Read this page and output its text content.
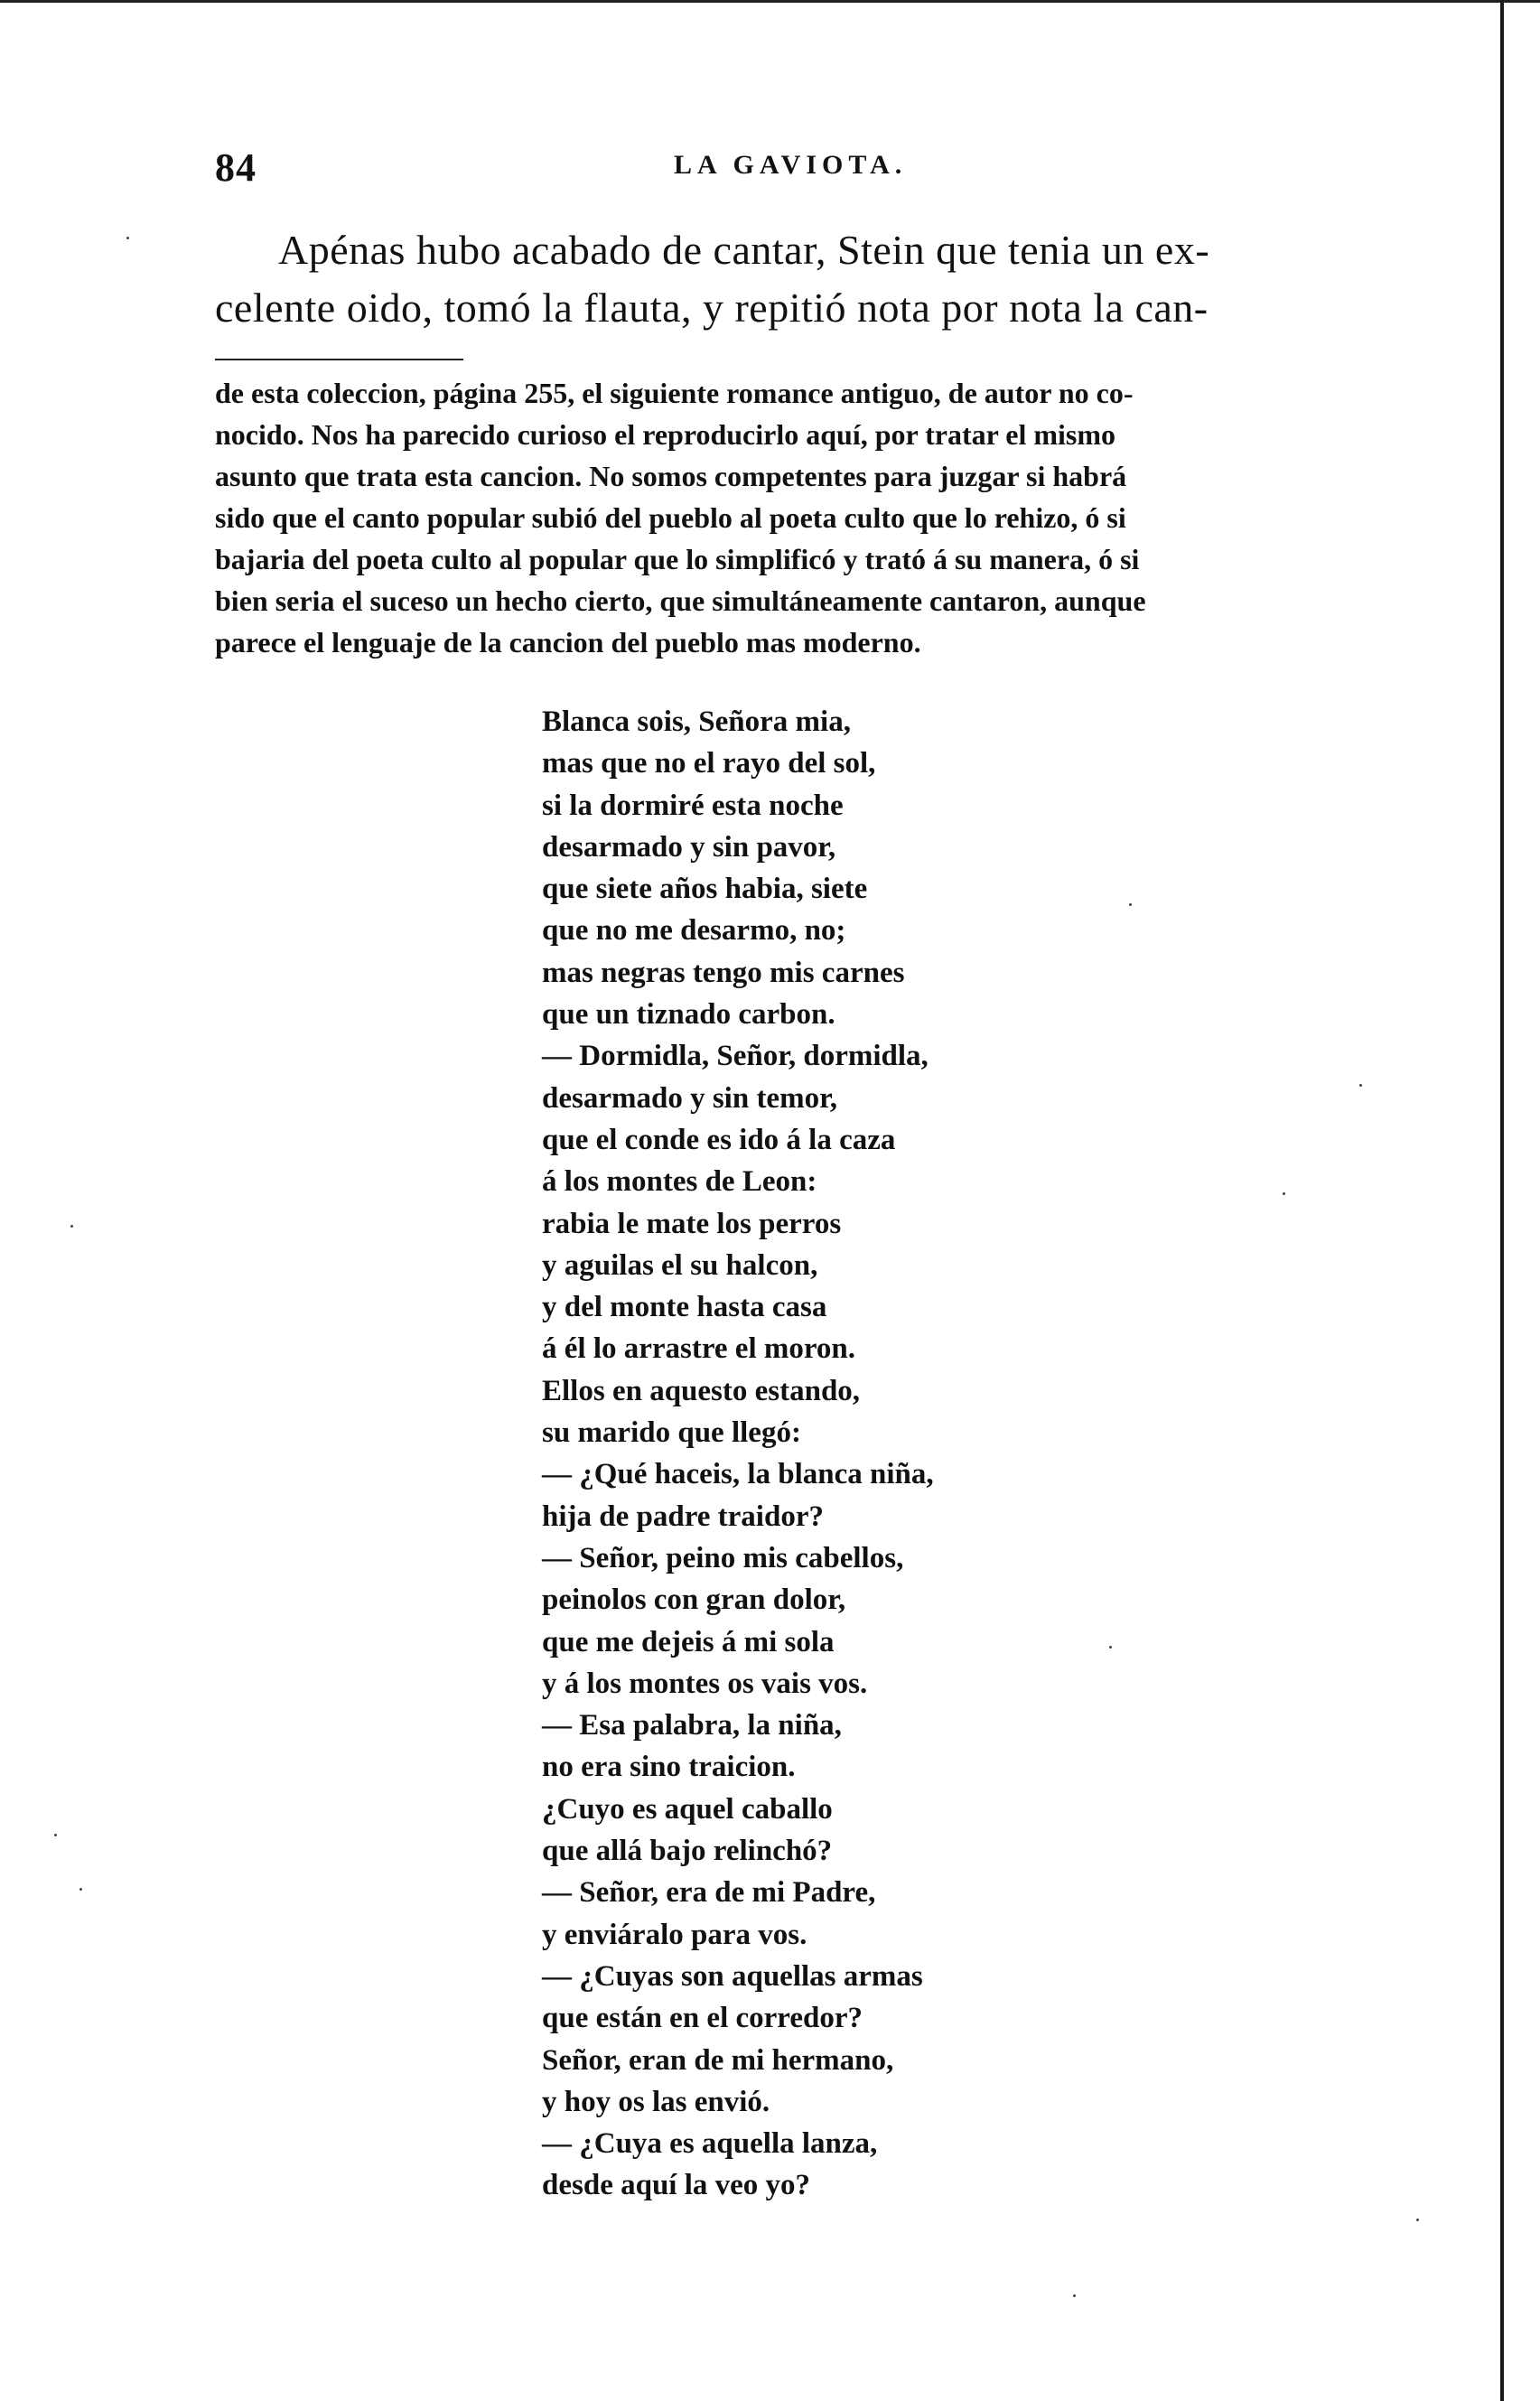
84	LA GAVIOTA.
Apénas hubo acabado de cantar, Stein que tenia un ex-
celente oido, tomó la flauta, y repitió nota por nota la can-
de esta coleccion, página 255, el siguiente romance antiguo, de autor no co-
nocido. Nos ha parecido curioso el reproducirlo aquí, por tratar el mismo
asunto que trata esta cancion. No somos competentes para juzgar si habrá
sido que el canto popular subió del pueblo al poeta culto que lo rehizo, ó si
bajaria del poeta culto al popular que lo simplificó y trató á su manera, ó si
bien seria el suceso un hecho cierto, que simultáneamente cantaron, aunque
parece el lenguaje de la cancion del pueblo mas moderno.
Blanca sois, Señora mia,
mas que no el rayo del sol,
si la dormiré esta noche
desarmado y sin pavor,
que siete años habia, siete
que no me desarmo, no;
mas negras tengo mis carnes
que un tiznado carbon.
— Dormidla, Señor, dormidla,
desarmado y sin temor,
que el conde es ido á la caza
á los montes de Leon:
rabia le mate los perros
y aguilas el su halcon,
y del monte hasta casa
á él lo arrastre el moron.
Ellos en aquesto estando,
su marido que llegó:
— ¿Qué haceis, la blanca niña,
hija de padre traidor?
— Señor, peino mis cabellos,
peinolos con gran dolor,
que me dejeis á mi sola
y á los montes os vais vos.
— Esa palabra, la niña,
no era sino traicion.
¿Cuyo es aquel caballo
que allá bajo relinchó?
— Señor, era de mi Padre,
y enviáralo para vos.
— ¿Cuyas son aquellas armas
que están en el corredor?
Señor, eran de mi hermano,
y hoy os las envió.
— ¿Cuya es aquella lanza,
desde aquí la veo yo?
